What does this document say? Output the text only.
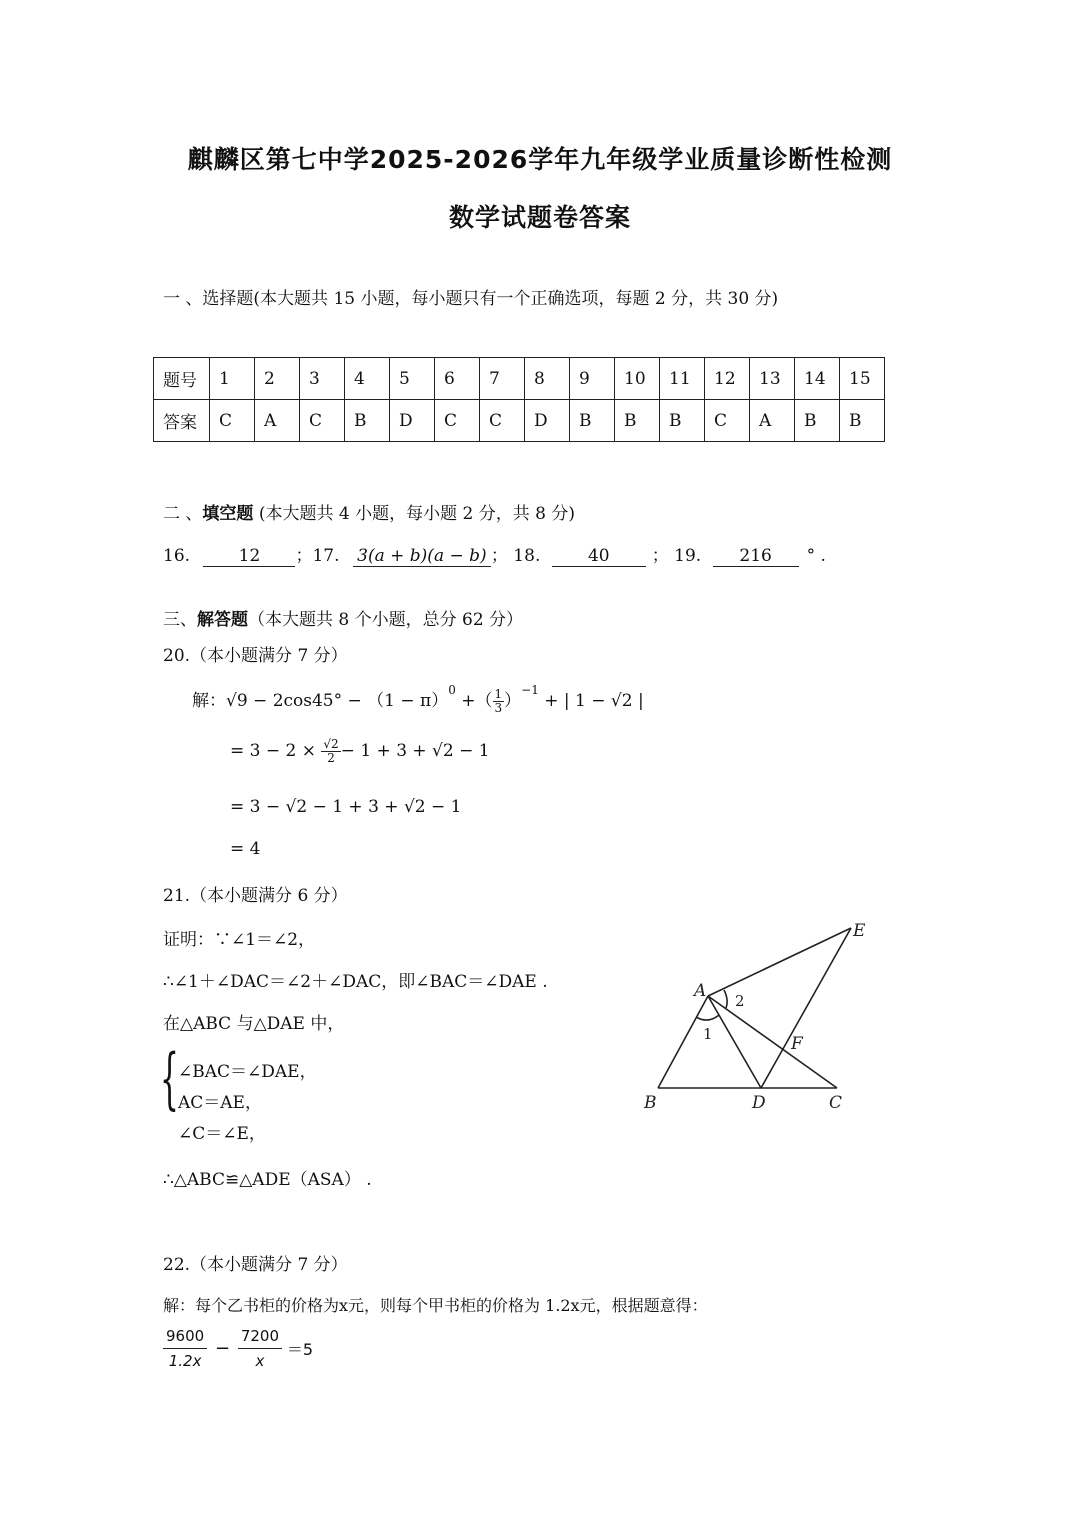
麒麟区第七中学2025-2026学年九年级学业质量诊断性检测
数学试题卷答案
一 、选择题(本大题共 15 小题，每小题只有一个正确选项，每题 2 分，共 30 分)
题号	1	2	3	4	5	6	7	8	9	10	11	12	13	14	15
答案	C	A	C	B	D	C	C	D	B	B	B	C	A	B	B
二 、填空题 (本大题共 4 小题，每小题 2 分，共 8 分)
16.	12 ；17. 3(a + b)(a − b) ； 18.	40 ； 19. 216 ° .
三、解答题（本大题共 8 个小题，总分 62 分）
20.（本小题满分 7 分）
解：$√9 - 2\cos 45^\circ - (1 - \pi)^0$ +（ $\frac{1}{3} )^{-1}$ + | 1 − √2 |
= $3 - 2 \times \frac{√2}{2} - 1 + 3 + √2 - 1$
= 3 − √2 − 1 + 3 + √2 − 1
= 4
21.（本小题满分 6 分）
证明：∵∠1＝∠2，
∴∠1＋∠DAC＝∠2＋∠DAC，即∠BAC＝∠DAE .
在△ABC 与△DAE 中，
{ ∠BAC＝∠DAE，
AC＝AE，
∠C＝∠E，
∴△ABC≌△ADE（ASA） .
A
B	C
D
E
F
1
2
22.（本小题满分 7 分）
解：每个乙书柜的价格为x元，则每个甲书柜的价格为 1.2x元，根据题意得：
$\frac{9600}{1.2x} - \frac{7200}{x} =5$
